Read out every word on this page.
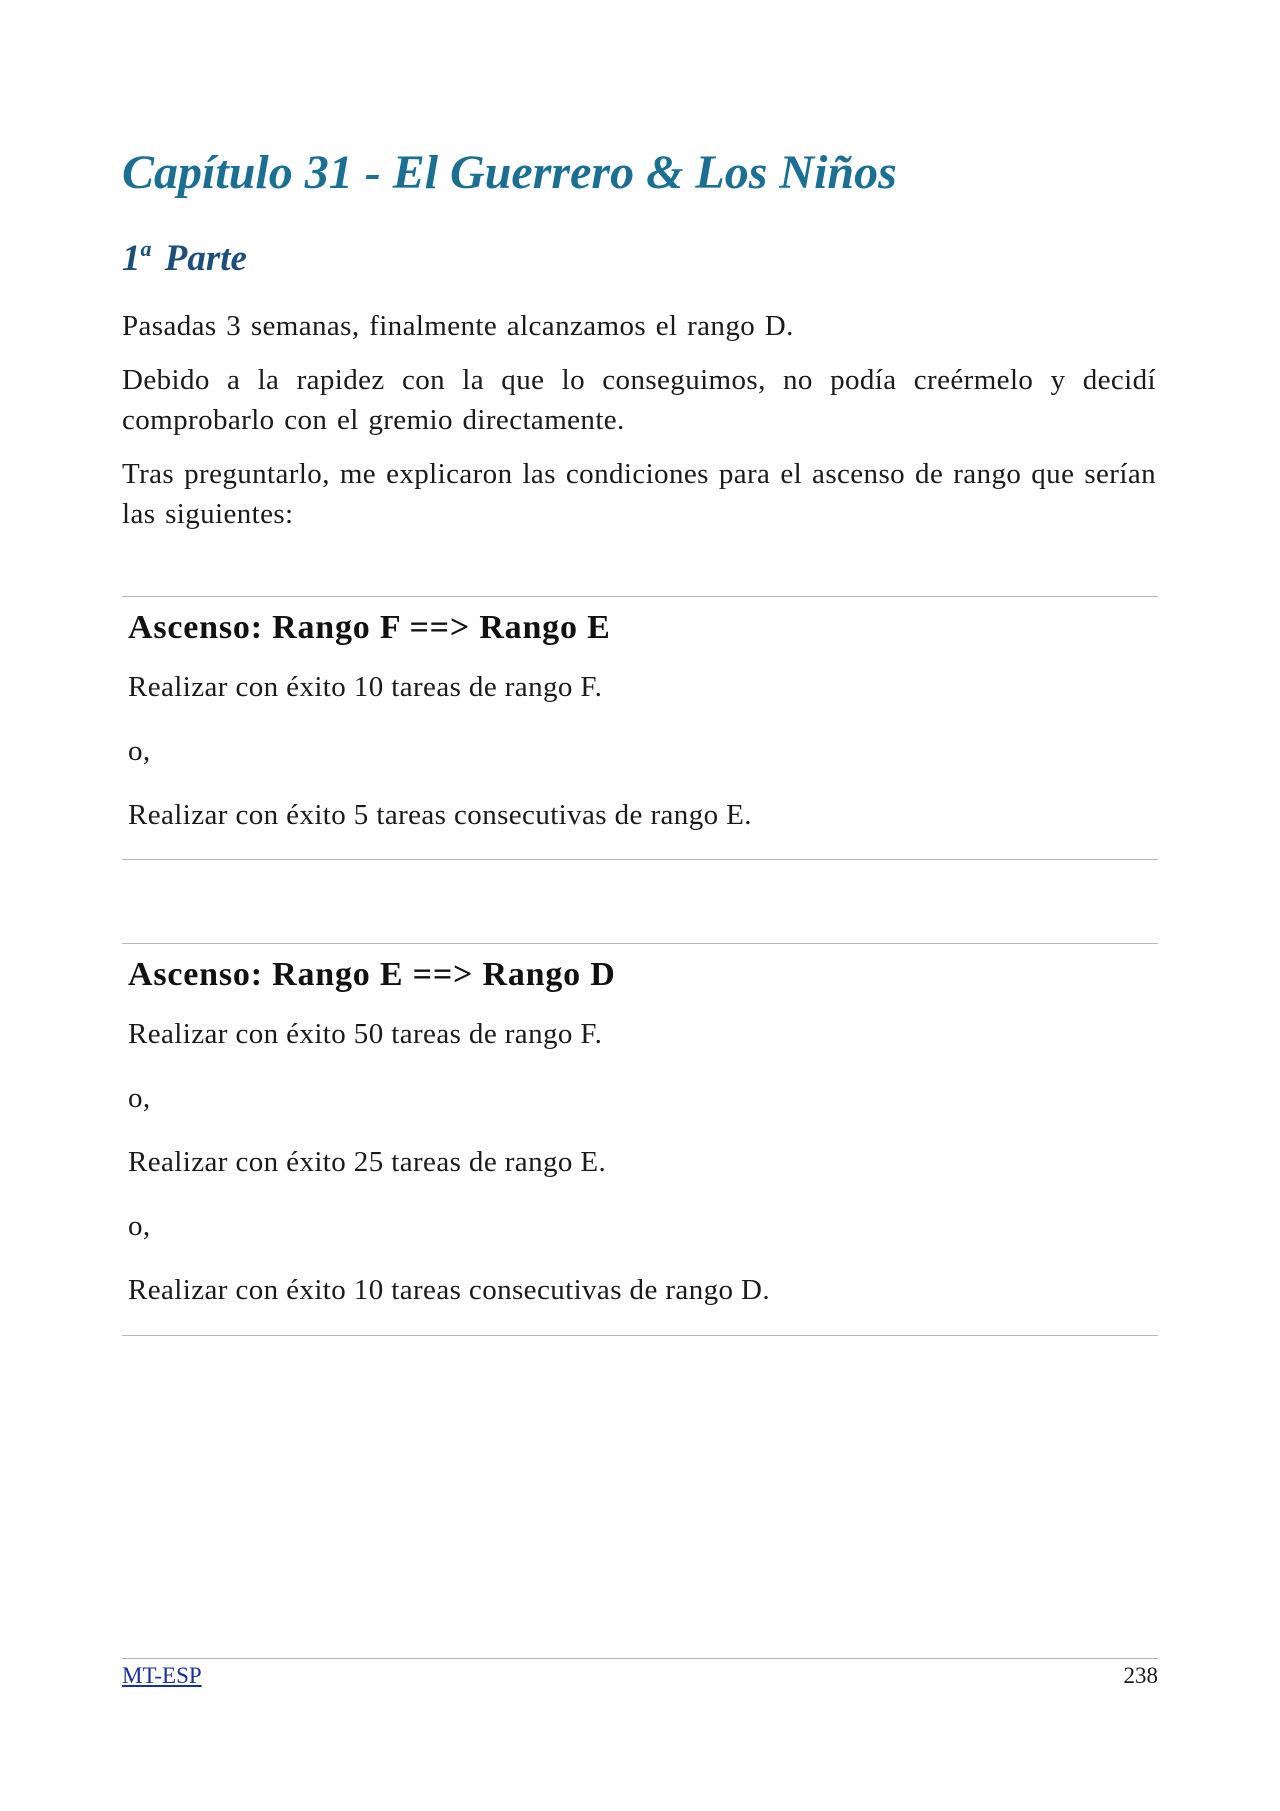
Capítulo 31 - El Guerrero & Los Niños
1$^a$ Parte

Pasadas 3 semanas, finalmente alcanzamos el rango D.

Debido a la rapidez con la que lo conseguimos, no podía creérmelo y decidí comprobarlo con el gremio directamente.

Tras preguntarlo, me explicaron las condiciones para el ascenso de rango que serían las siguientes:

Ascenso: Rango F ==> Rango E

Realizar con éxito 10 tareas de rango F.

o,

Realizar con éxito 5 tareas consecutivas de rango E.

Ascenso: Rango E ==> Rango D

Realizar con éxito 50 tareas de rango F.

o,

Realizar con éxito 25 tareas de rango E.

o,

Realizar con éxito 10 tareas consecutivas de rango D.

MT-ESP	238
